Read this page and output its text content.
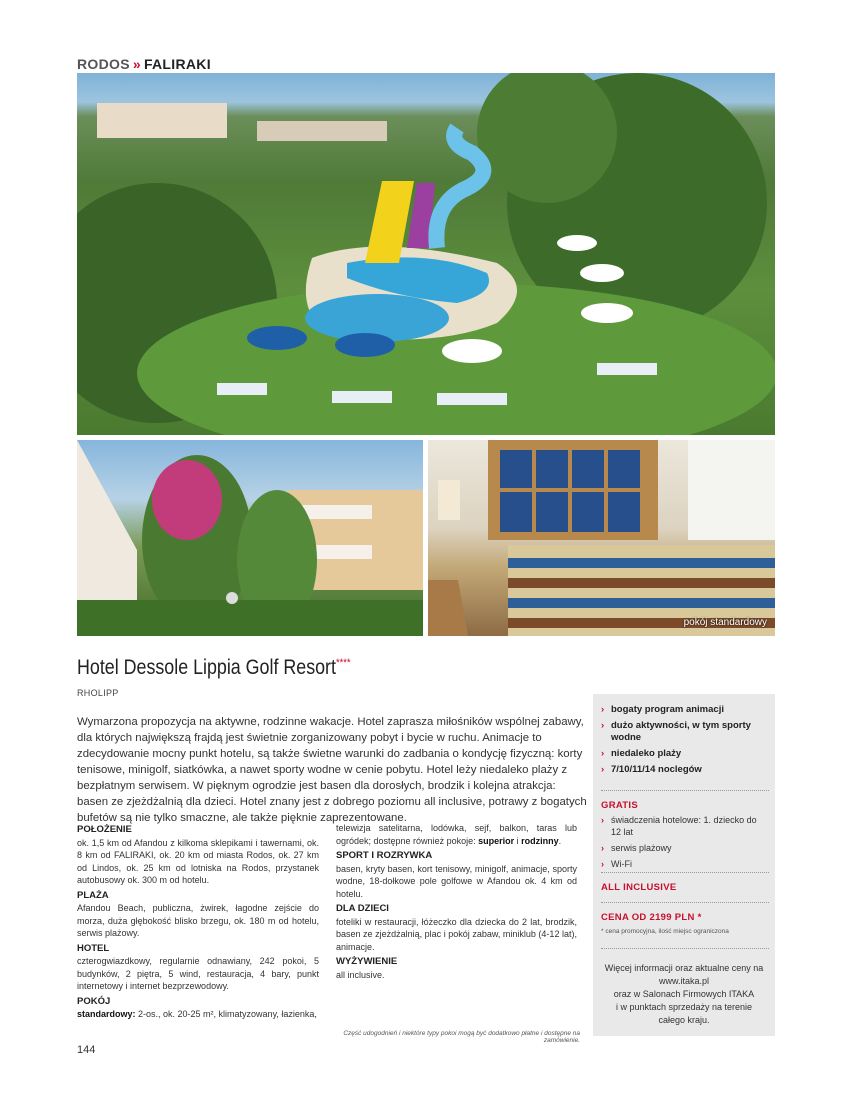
RODOS » FALIRAKI
pokój standardowy
Hotel Dessole Lippia Golf Resort****
RHOLIPP
Wymarzona propozycja na aktywne, rodzinne wakacje. Hotel zaprasza miłośników wspólnej zabawy, dla których największą frajdą jest świetnie zorganizowany pobyt i bycie w ruchu. Animacje to zdecydowanie mocny punkt hotelu, są także świetne warunki do zadbania o kondycję fizyczną: korty tenisowe, minigolf, siatkówka, a nawet sporty wodne w cenie pobytu. Hotel leży niedaleko plaży z bezpłatnym serwisem. W pięknym ogrodzie jest basen dla dorosłych, brodzik i kolejna atrakcja: basen ze zjeżdżalnią dla dzieci. Hotel znany jest z dobrego poziomu all inclusive, potrawy z bogatych bufetów są nie tylko smaczne, ale także pięknie zaprezentowane.
POŁOŻENIE

ok. 1,5 km od Afandou z kilkoma sklepikami i tawernami, ok. 8 km od FALIRAKI, ok. 20 km od miasta Rodos, ok. 27 km od Lindos, ok. 25 km od lotniska na Rodos, przystanek autobusowy ok. 300 m od hotelu.

PLAŻA

Afandou Beach, publiczna, żwirek, łagodne zejście do morza, duża głębokość blisko brzegu, ok. 180 m od hotelu, serwis plażowy.

HOTEL

czterogwiazdkowy, regularnie odnawiany, 242 pokoi, 5 budynków, 2 piętra, 5 wind, restauracja, 4 bary, punkt internetowy i internet bezprzewodowy.

POKÓJ

standardowy: 2-os., ok. 20-25 m², klimatyzowany, łazienka,

telewizja satelitarna, lodówka, sejf, balkon, taras lub ogródek; dostępne również pokoje: superior i rodzinny.

SPORT I ROZRYWKA

basen, kryty basen, kort tenisowy, minigolf, animacje, sporty wodne, 18-dołkowe pole golfowe w Afandou ok. 4 km od hotelu.

DLA DZIECI

foteliki w restauracji, łóżeczko dla dziecka do 2 lat, brodzik, basen ze zjeżdżalnią, plac i pokój zabaw, miniklub (4-12 lat), animacje.

WYŻYWIENIE

all inclusive.

Część udogodnień i niektóre typy pokoi mogą być dodatkowo płatne i dostępne na zamówienie.
144
› bogaty program animacji
› dużo aktywności, w tym sporty wodne
› niedaleko plaży
› 7/10/11/14 noclegów
GRATIS
› świadczenia hotelowe: 1. dziecko do 12 lat
› serwis plażowy
› Wi-Fi
ALL INCLUSIVE
CENA OD 2199 PLN *
* cena promocyjna, ilość miejsc ograniczona
Więcej informacji oraz aktualne ceny na
www.itaka.pl
oraz w Salonach Firmowych ITAKA
i w punktach sprzedaży na terenie
całego kraju.
